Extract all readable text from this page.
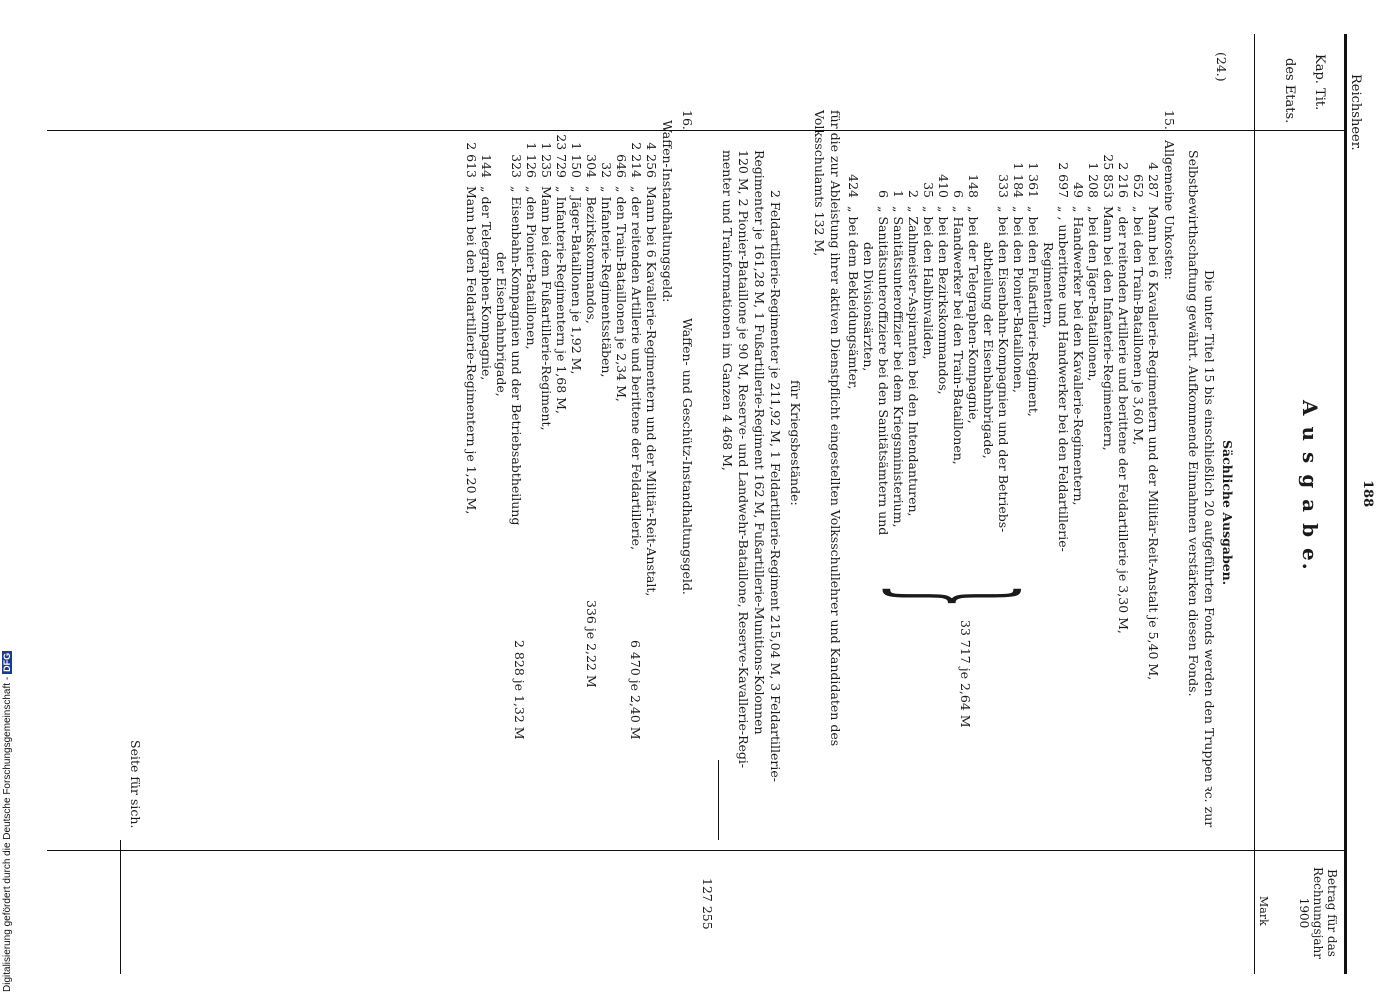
Reichsheer.
188
Kap. Tit.
des Etats.
A u s g a b e.
Betrag für das Rechnungsjahr 1900
Mark
(24.)
Sächliche Ausgaben.
Die unter Titel 15 bis einschließlich 20 aufgeführten Fonds werden den Truppen ꝛc. zur
Selbstbewirthschaftung gewährt. Aufkommende Einnahmen verstärken diesen Fonds.
15.
Allgemeine Unkosten:
4 287Mann bei 6 Kavallerie-Regimentern und der Militär-Reit-Anstalt je 5,40 M,
652„ bei den Train-Bataillonen je 3,60 M,
2 216„ der reitenden Artillerie und berittene der Feldartillerie je 3,30 M,
25 853Mann bei den Infanterie-Regimentern,
1 208„ bei den Jäger-Bataillonen,
49„ Handwerker bei den Kavallerie-Regimentern,
2 697„ , unberittene und Handwerker bei den Feldartillerie-
Regimentern,
1 361„ bei den Fußartillerie-Regiment,
1 184„ bei den Pionier-Bataillonen,
333„ bei den Eisenbahn-Kompagnien und der Betriebs-
abtheilung der Eisenbahnbrigade,
148„ bei der Telegraphen-Kompagnie,
6„ Handwerker bei den Train-Bataillonen,
410„ bei den Bezirkskommandos,
35„ bei den Halbinvaliden,
2„ Zahlmeister-Aspiranten bei den Intendanturen,
1„ Sanitätsunteroffizier bei dem Kriegsministerium,
6„ Sanitätsunteroffiziere bei den Sanitätsämtern und
den Divisionsärzten,
424„ bei dem Bekleidungsämter,
}
33 717 je 2,64 M
für die zur Ableistung ihrer aktiven Dienstpflicht eingestellten Volksschullehrer und Kandidaten des
Volksschulamts 132 M,
für Kriegsbestände:
2 Feldartillerie-Regimenter je 211,92 M, 1 Feldartillerie-Regiment 215,04 M, 3 Feldartillerie-
Regimenter je 161,28 M, 1 Fußartillerie-Regiment 162 M, Fußartillerie-Munitions-Kolonnen
120 M, 2 Pionier-Bataillone je 90 M, Reserve- und Landwehr-Bataillone, Reserve-Kavallerie-Regi-
menter und Trainformationen im Ganzen 4 468 M,
127 255
16.
Waffen- und Geschütz-Instandhaltungsgeld.
Waffen-Instandhaltungsgeld:
4 256Mann bei 6 Kavallerie-Regimentern und der Militär-Reit-Anstalt,
2 214„ der reitenden Artillerie und berittene der Feldartillerie,
646„ den Train-Bataillonen je 2,34 M,
32„ Infanterie-Regimentsstäben,
304„ Bezirkskommandos,
1 150„ Jäger-Bataillonen je 1,92 M,
23 729„ Infanterie-Regimentern je 1,68 M,
1 235Mann bei dem Fußartillerie-Regiment,
1 126„ den Pionier-Bataillonen,
323„ Eisenbahn-Kompagnien und der Betriebsabtheilung
der Eisenbahnbrigade,
144„ der Telegraphen-Kompagnie,
2 613Mann bei den Feldartillerie-Regimentern je 1,20 M,
6 470 je 2,40 M
336 je 2,22 M
2 828 je 1,32 M
Seite für sich.
Digitalisierung gefördert durch die Deutsche Forschungsgemeinschaft -DFG
